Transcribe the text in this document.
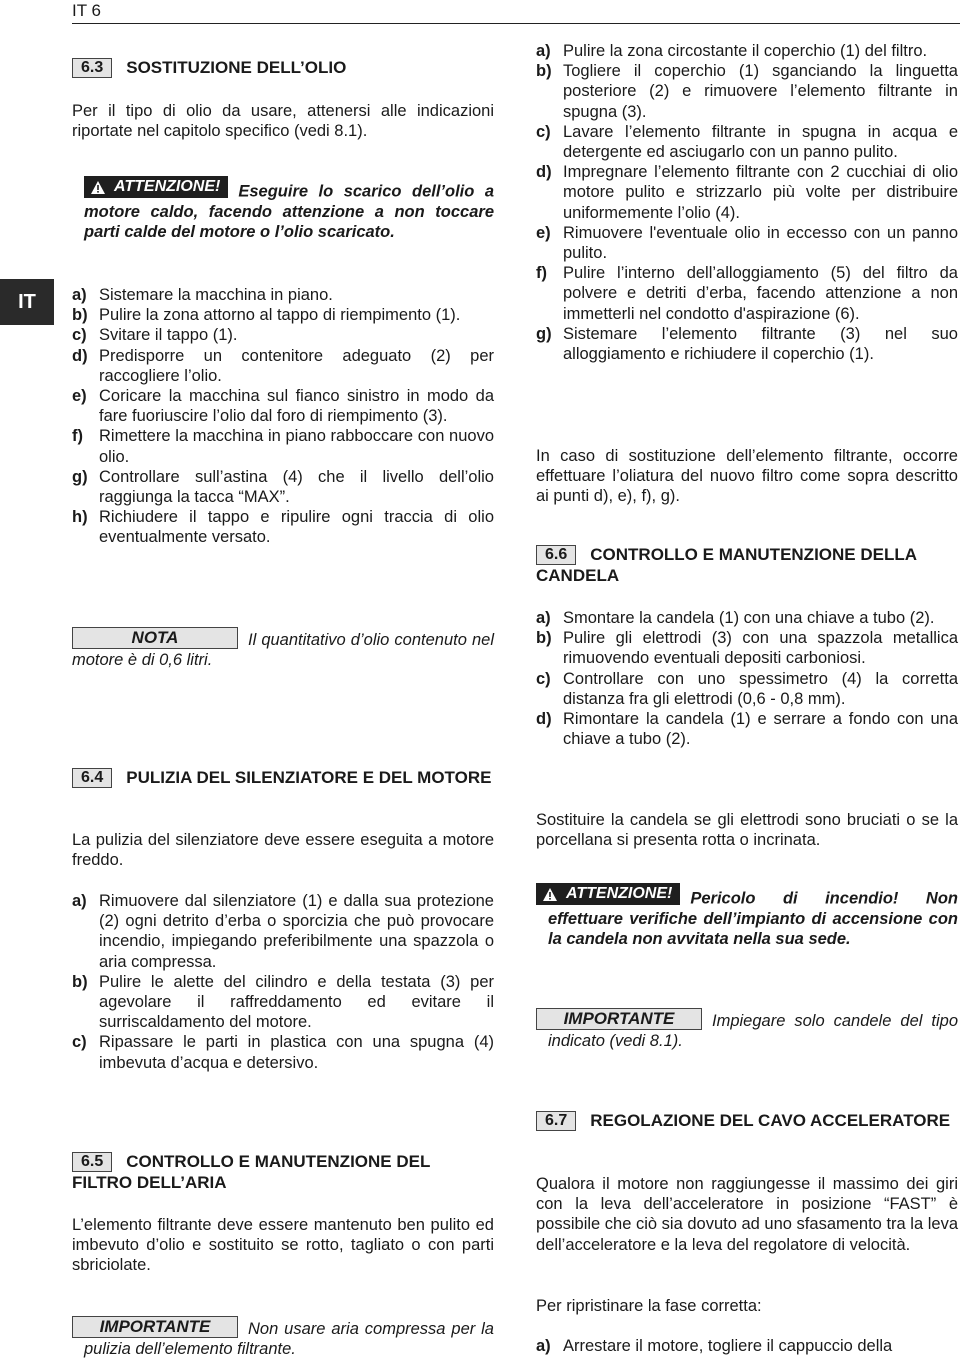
IT 6
IT
6.3 SOSTITUZIONE DELL’OLIO
Per il tipo di olio da usare, attenersi alle indicazioni riportate nel capitolo specifico (vedi 8.1).
ATTENZIONE! Eseguire lo scarico dell’olio a motore caldo, facendo attenzione a non toccare parti calde del motore o l’olio scaricato.
a) Sistemare la macchina in piano.
b) Pulire la zona attorno al tappo di riempimento (1).
c) Svitare il tappo (1).
d) Predisporre un contenitore adeguato (2) per raccogliere l’olio.
e) Coricare la macchina sul fianco sinistro in modo da fare fuoriuscire l’olio dal foro di riempimento (3).
f) Rimettere la macchina in piano rabboccare con nuovo olio.
g) Controllare sull’astina (4) che il livello dell’olio raggiunga la tacca “MAX”.
h) Richiudere il tappo e ripulire ogni traccia di olio eventualmente versato.
NOTA	Il quantitativo d’olio contenuto nel motore è di 0,6 litri.
6.4 PULIZIA DEL SILENZIATORE E DEL MOTORE
La pulizia del silenziatore deve essere eseguita a motore freddo.
a) Rimuovere dal silenziatore (1) e dalla sua protezione (2) ogni detrito d’erba o sporcizia che può provocare incendio, impiegando preferibilmente una spazzola o aria compressa.
b) Pulire le alette del cilindro e della testata (3) per agevolare il raffreddamento ed evitare il surriscaldamento del motore.
c) Ripassare le parti in plastica con una spugna (4) imbevuta d’acqua e detersivo.
6.5 CONTROLLO E MANUTENZIONE DEL FILTRO DELL’ARIA
L’elemento filtrante deve essere mantenuto ben pulito ed imbevuto d’olio e sostituito se rotto, tagliato o con parti sbriciolate.
IMPORTANTE Non usare aria compressa per la pulizia dell’elemento filtrante.
a) Pulire la zona circostante il coperchio (1) del filtro.
b) Togliere il coperchio (1) sganciando la linguetta posteriore (2) e rimuovere l’elemento filtrante in spugna (3).
c) Lavare l’elemento filtrante in spugna in acqua e detergente ed asciugarlo con un panno pulito.
d) Impregnare l’elemento filtrante con 2 cucchiai di olio motore pulito e strizzarlo più volte per distribuire uniformemente l’olio (4).
e) Rimuovere l'eventuale olio in eccesso con un panno pulito.
f) Pulire l’interno dell’alloggiamento (5) del filtro da polvere e detriti d’erba, facendo attenzione a non immetterli nel condotto d'aspirazione (6).
g) Sistemare l’elemento filtrante (3) nel suo alloggiamento e richiudere il coperchio (1).
In caso di sostituzione dell’elemento filtrante, occorre effettuare l’oliatura del nuovo filtro come sopra descritto ai punti d), e), f), g).
6.6 CONTROLLO E MANUTENZIONE DELLA CANDELA
a) Smontare la candela (1) con una chiave a tubo (2).
b) Pulire gli elettrodi (3) con una spazzola metallica rimuovendo eventuali depositi carboniosi.
c) Controllare con uno spessimetro (4) la corretta distanza fra gli elettrodi (0,6 - 0,8 mm).
d) Rimontare la candela (1) e serrare a fondo con una chiave a tubo (2).
Sostituire la candela se gli elettrodi sono bruciati o se la porcellana si presenta rotta o incrinata.
ATTENZIONE! Pericolo di incendio! Non effettuare verifiche dell’impianto di accensione con la candela non avvitata nella sua sede.
IMPORTANTE Impiegare solo candele del tipo indicato (vedi 8.1).
6.7 REGOLAZIONE DEL CAVO ACCELERATORE
Qualora il motore non raggiungesse il massimo dei giri con la leva dell’acceleratore in posizione “FAST” è possibile che ciò sia dovuto ad uno sfasamento tra la leva dell’acceleratore e la leva del regolatore di velocità.
Per ripristinare la fase corretta:
a) Arrestare il motore, togliere il cappuccio della
